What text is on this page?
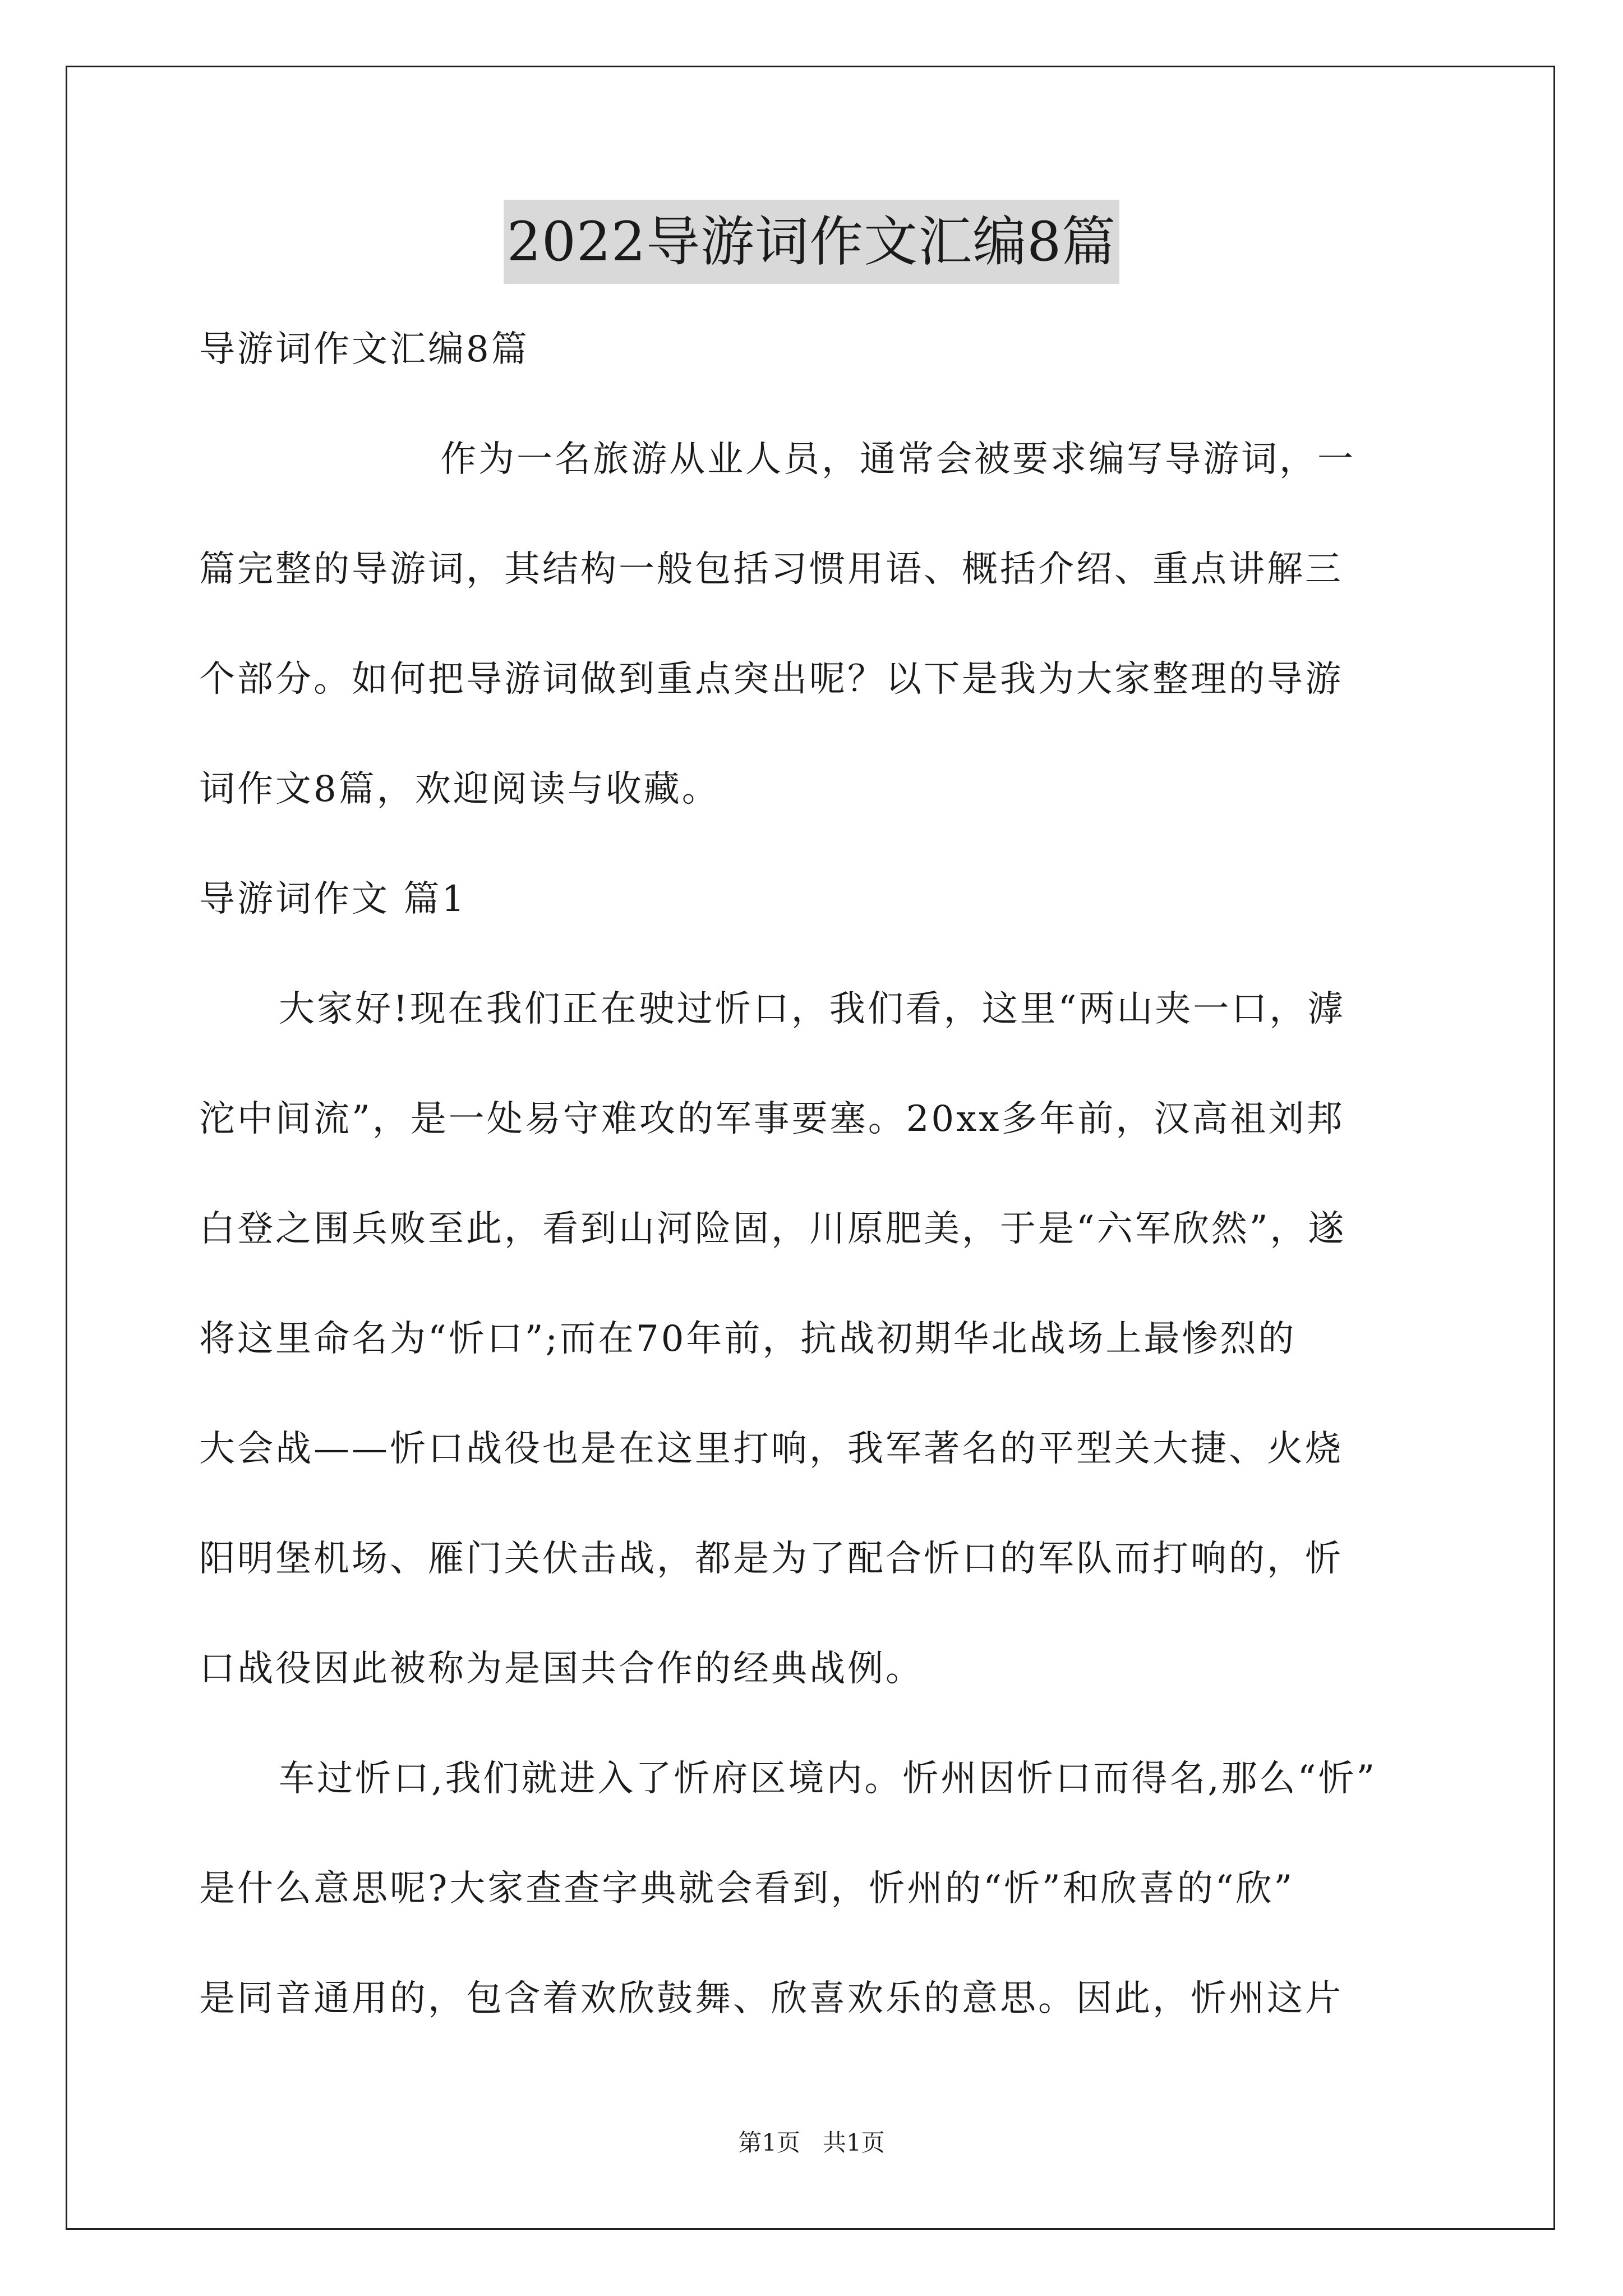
2022导游词作文汇编8篇
导游词作文汇编8篇
作为一名旅游从业人员，通常会被要求编写导游词，一
篇完整的导游词，其结构一般包括习惯用语、概括介绍、重点讲解三
个部分。如何把导游词做到重点突出呢？以下是我为大家整理的导游
词作文8篇，欢迎阅读与收藏。
导游词作文 篇1
大家好!现在我们正在驶过忻口，我们看，这里“两山夹一口，滹
沱中间流”，是一处易守难攻的军事要塞。20xx多年前，汉高祖刘邦
白登之围兵败至此，看到山河险固，川原肥美，于是“六军欣然”，遂
将这里命名为“忻口”;而在70年前，抗战初期华北战场上最惨烈的
大会战——忻口战役也是在这里打响，我军著名的平型关大捷、火烧
阳明堡机场、雁门关伏击战，都是为了配合忻口的军队而打响的，忻
口战役因此被称为是国共合作的经典战例。
车过忻口,我们就进入了忻府区境内。忻州因忻口而得名,那么“忻”
是什么意思呢?大家查查字典就会看到，忻州的“忻”和欣喜的“欣”
是同音通用的，包含着欢欣鼓舞、欣喜欢乐的意思。因此，忻州这片
第1页 共1页
